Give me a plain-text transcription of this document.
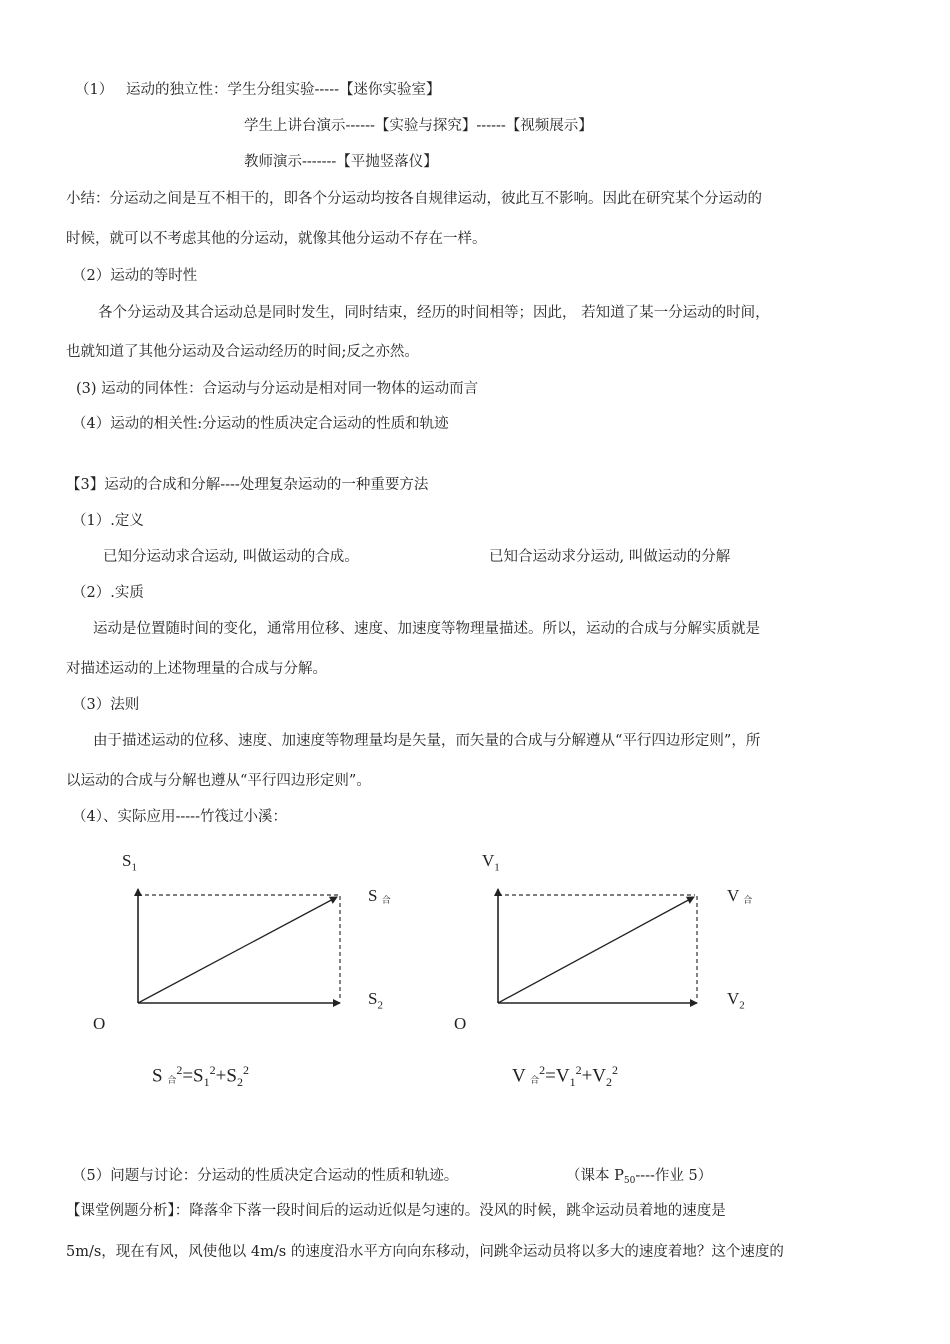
（1） 运动的独立性：学生分组实验-----【迷你实验室】
学生上讲台演示------【实验与探究】------【视频展示】
教师演示-------【平抛竖落仪】
小结：分运动之间是互不相干的，即各个分运动均按各自规律运动，彼此互不影响。因此在研究某个分运动的
时候，就可以不考虑其他的分运动，就像其他分运动不存在一样。
（2）运动的等时性
各个分运动及其合运动总是同时发生，同时结束，经历的时间相等；因此， 若知道了某一分运动的时间，
也就知道了其他分运动及合运动经历的时间;反之亦然。
(3) 运动的同体性：合运动与分运动是相对同一物体的运动而言
（4）运动的相关性:分运动的性质决定合运动的性质和轨迹
【3】运动的合成和分解----处理复杂运动的一种重要方法
（1）.定义
已知分运动求合运动, 叫做运动的合成。	已知合运动求分运动, 叫做运动的分解
（2）.实质
运动是位置随时间的变化，通常用位移、速度、加速度等物理量描述。所以，运动的合成与分解实质就是
对描述运动的上述物理量的合成与分解。
（3）法则
由于描述运动的位移、速度、加速度等物理量均是矢量，而矢量的合成与分解遵从“平行四边形定则”，所
以运动的合成与分解也遵从“平行四边形定则”。
（4）、实际应用-----竹筏过小溪：
$S_1$
S 合
$S_2$
O
S 合$^2=S_1^2+S_2^2$
$V_1$
V 合
$V_2$
O
V 合$^2=V_1^2+V_2^2$
（5）问题与讨论：分运动的性质决定合运动的性质和轨迹。	（课本 $P_{50}----$作业 5）
【课堂例题分析】：降落伞下落一段时间后的运动近似是匀速的。没风的时候，跳伞运动员着地的速度是
5m/s，现在有风，风使他以 4m/s 的速度沿水平方向向东移动，问跳伞运动员将以多大的速度着地？这个速度的
